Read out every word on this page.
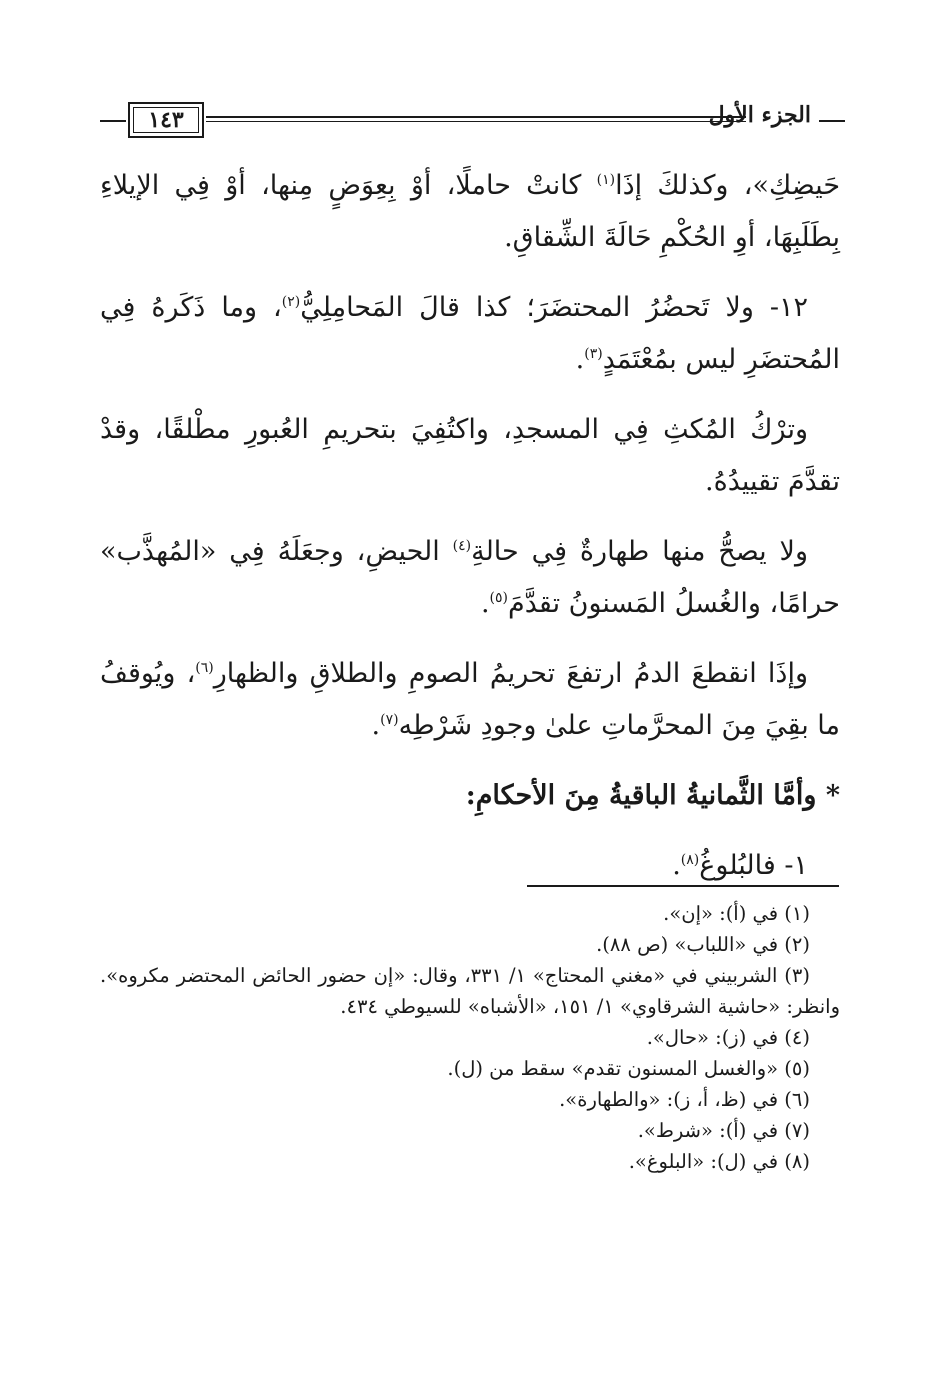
١٤٣	الجزء الأول

حَيضِكِ»، وكذلكَ إذَا$^{(١)}$ كانتْ حاملًا، أوْ بِعِوَضٍ مِنها، أوْ فِي الإيلاءِ بِطَلَبِهَا، أوِ الحُكْمِ حَالَةَ الشِّقاقِ.

١٢- ولا تَحضُرُ المحتضَرَ؛ كذا قالَ المَحامِلِيُّ$^{(٢)}$، وما ذَكَرهُ فِي المُحتضَرِ ليس بمُعْتَمَدٍ$^{(٣)}$.

وترْكُ المُكثِ فِي المسجدِ، واكتُفِيَ بتحريمِ العُبورِ مطْلقًا، وقدْ تقدَّمَ تقييدُهُ.

ولا يصحُّ منها طهارةٌ فِي حالةِ$^{(٤)}$ الحيضِ، وجعَلَهُ فِي «المُهذَّب» حرامًا، والغُسلُ المَسنونُ تقدَّمَ$^{(٥)}$.

وإذَا انقطعَ الدمُ ارتفعَ تحريمُ الصومِ والطلاقِ والظهارِ$^{(٦)}$، ويُوقفُ ما بقِيَ مِنَ المحرَّماتِ علىٰ وجودِ شَرْطِه$^{(٧)}$.

* وأمَّا الثَّمانيةُ الباقيةُ مِنَ الأحكامِ:

١- فالبُلوغُ$^{(٨)}$.

(١) في (أ): «إن».

(٢) في «اللباب» (ص ٨٨).

(٣) الشربيني في «مغني المحتاج» ١/ ٣٣١، وقال: «إن حضور الحائض المحتضر مكروه». وانظر: «حاشية الشرقاوي» ١/ ١٥١، «الأشباه» للسيوطي ٤٣٤.

(٤) في (ز): «حال».

(٥) «والغسل المسنون تقدم» سقط من (ل).

(٦) في (ظ، أ، ز): «والطهارة».

(٧) في (أ): «شرط».

(٨) في (ل): «البلوغ».
